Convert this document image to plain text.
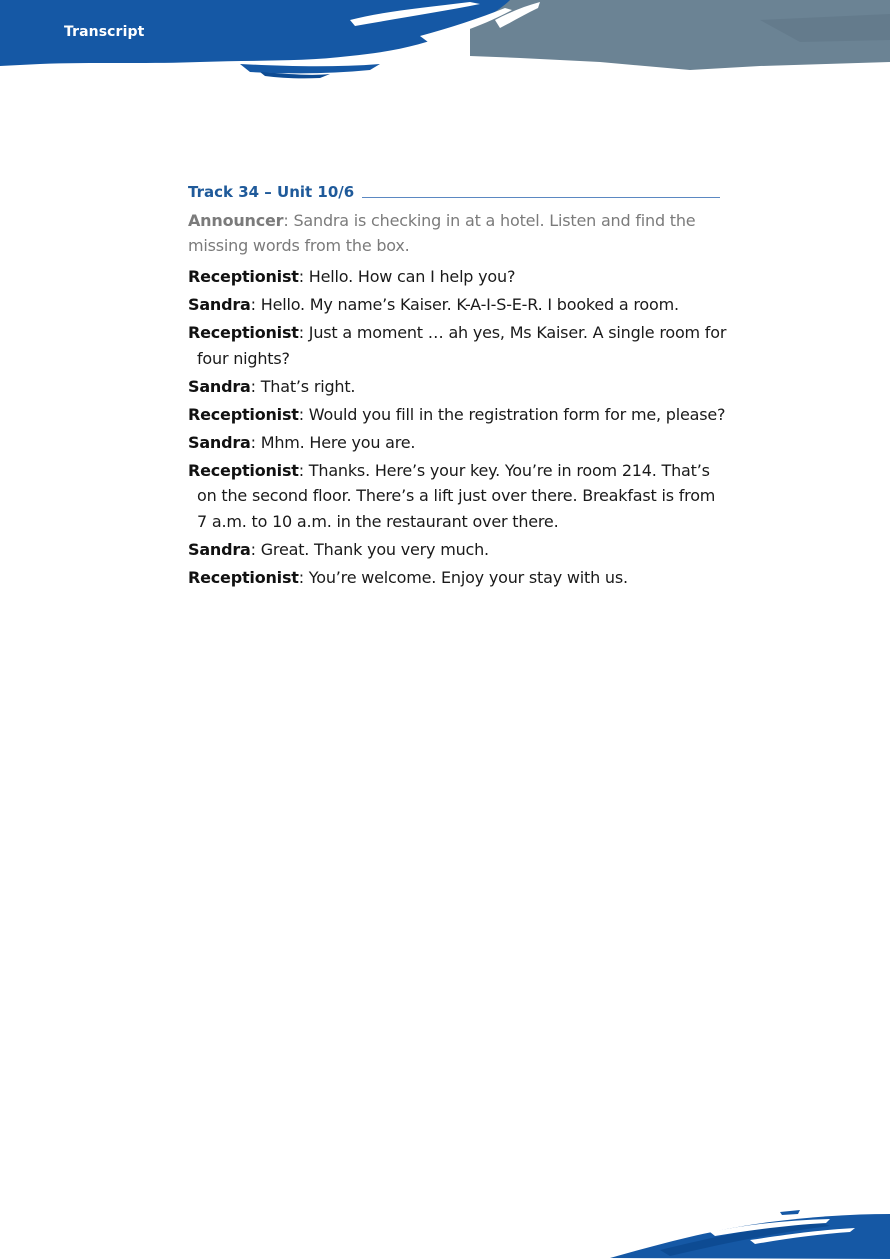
Transcript
Track 34 – Unit 10/6
Announcer: Sandra is checking in at a hotel. Listen and find the missing words from the box.
Receptionist: Hello. How can I help you?
Sandra: Hello. My name’s Kaiser. K-A-I-S-E-R. I booked a room.
Receptionist: Just a moment … ah yes, Ms Kaiser. A single room for four nights?
Sandra: That’s right.
Receptionist: Would you fill in the registration form for me, please?
Sandra: Mhm. Here you are.
Receptionist: Thanks. Here’s your key. You’re in room 214. That’s on the second floor. There’s a lift just over there. Breakfast is from 7 a.m. to 10 a.m. in the restaurant over there.
Sandra: Great. Thank you very much.
Receptionist: You’re welcome. Enjoy your stay with us.
